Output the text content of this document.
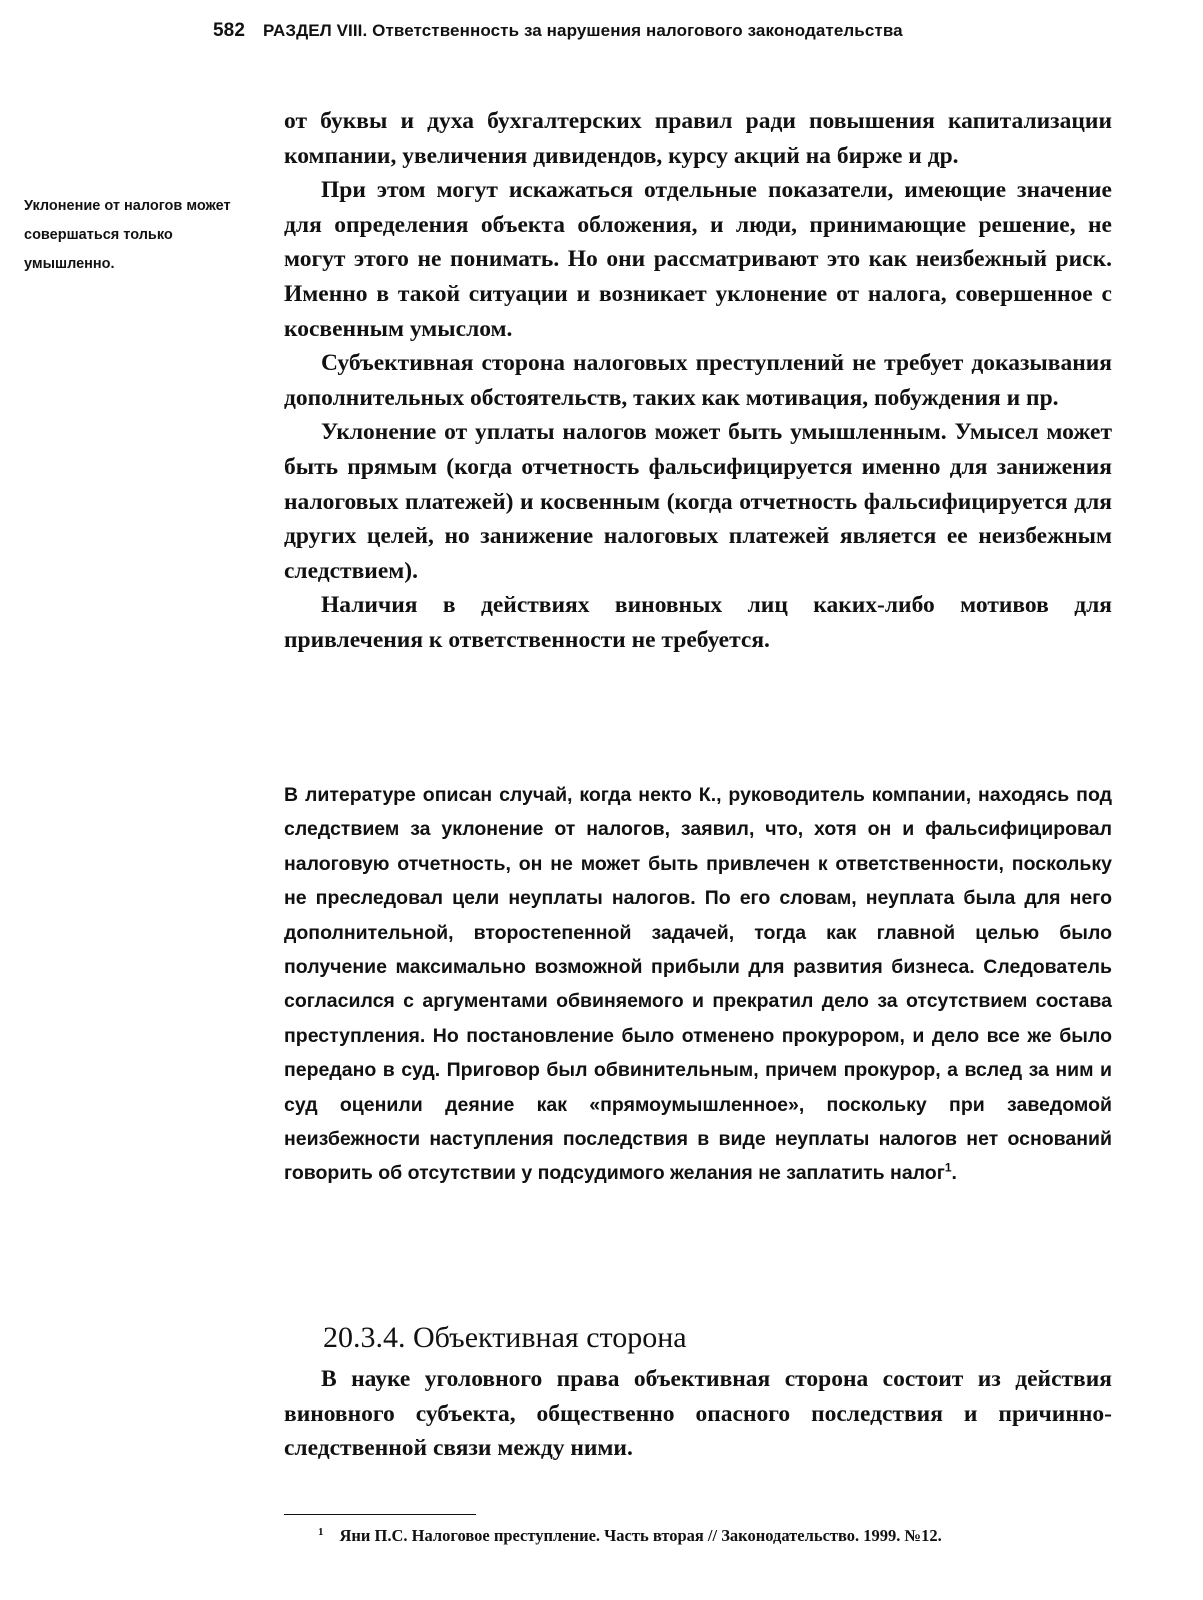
582 РАЗДЕЛ VIII. Ответственность за нарушения налогового законодательства

Уклонение от налогов может совершаться только умышленно.

от буквы и духа бухгалтерских правил ради повышения капитализации компании, увеличения дивидендов, курсу акций на бирже и др.

При этом могут искажаться отдельные показатели, имеющие значение для определения объекта обложения, и люди, принимающие решение, не могут этого не понимать. Но они рассматривают это как неизбежный риск. Именно в такой ситуации и возникает уклонение от налога, совершенное с косвенным умыслом.

Субъективная сторона налоговых преступлений не требует доказывания дополнительных обстоятельств, таких как мотивация, побуждения и пр.

Уклонение от уплаты налогов может быть умышленным. Умысел может быть прямым (когда отчетность фальсифицируется именно для занижения налоговых платежей) и косвенным (когда отчетность фальсифицируется для других целей, но занижение налоговых платежей является ее неизбежным следствием).

Наличия в действиях виновных лиц каких-либо мотивов для привлечения к ответственности не требуется.

В литературе описан случай, когда некто К., руководитель компании, находясь под следствием за уклонение от налогов, заявил, что, хотя он и фальсифицировал налоговую отчетность, он не может быть привлечен к ответственности, поскольку не преследовал цели неуплаты налогов. По его словам, неуплата была для него дополнительной, второстепенной задачей, тогда как главной целью было получение максимально возможной прибыли для развития бизнеса. Следователь согласился с аргументами обвиняемого и прекратил дело за отсутствием состава преступления. Но постановление было отменено прокурором, и дело все же было передано в суд. Приговор был обвинительным, причем прокурор, а вслед за ним и суд оценили деяние как «прямоумышленное», поскольку при заведомой неизбежности наступления последствия в виде неуплаты налогов нет оснований говорить об отсутствии у подсудимого желания не заплатить налог$^1$.

20.3.4. Объективная сторона

В науке уголовного права объективная сторона состоит из действия виновного субъекта, общественно опасного последствия и причинно-следственной связи между ними.

$^1$ Яни П.С. Налоговое преступление. Часть вторая // Законодательство. 1999. №12.
